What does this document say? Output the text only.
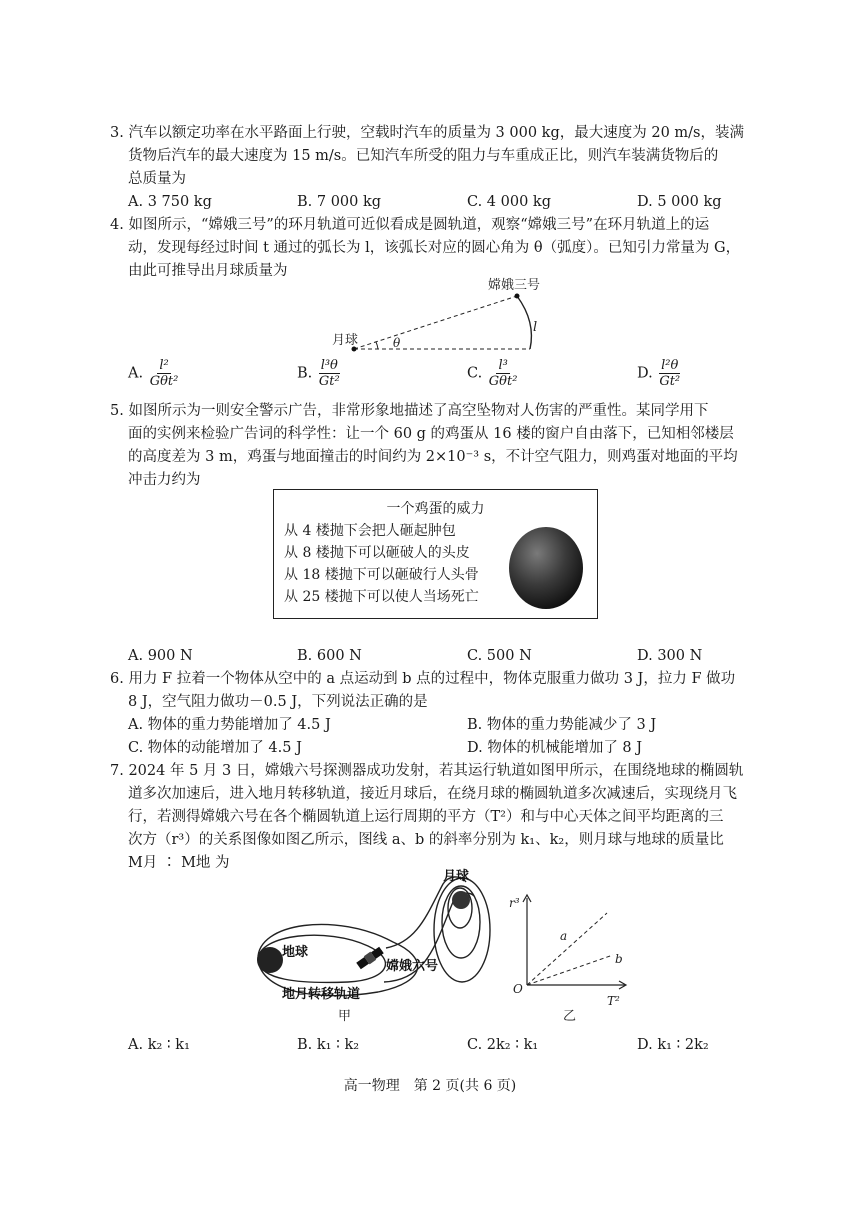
3. 汽车以额定功率在水平路面上行驶，空载时汽车的质量为 3 000 kg，最大速度为 20 m/s，装满
货物后汽车的最大速度为 15 m/s。已知汽车所受的阻力与车重成正比，则汽车装满货物后的
总质量为
A. 3 750 kg	B. 7 000 kg	C. 4 000 kg	D. 5 000 kg
4. 如图所示，“嫦娥三号”的环月轨道可近似看成是圆轨道，观察“嫦娥三号”在环月轨道上的运
动，发现每经过时间 t 通过的弧长为 l，该弧长对应的圆心角为 θ（弧度）。已知引力常量为 G，
由此可推导出月球质量为
嫦娥三号
月球
l
θ
A. $\frac{\text{l²}}{\text{Gθt²}}$	B. $\frac{\text{l³θ}}{\text{Gt²}}$	C. $\frac{\text{l³}}{\text{Gθt²}}$	D. $\frac{\text{l²θ}}{\text{Gt²}}$
5. 如图所示为一则安全警示广告，非常形象地描述了高空坠物对人伤害的严重性。某同学用下
面的实例来检验广告词的科学性：让一个 60 g 的鸡蛋从 16 楼的窗户自由落下，已知相邻楼层
的高度差为 3 m，鸡蛋与地面撞击的时间约为 2×10⁻³ s，不计空气阻力，则鸡蛋对地面的平均
冲击力约为
一个鸡蛋的威力
从 4 楼抛下会把人砸起肿包
从 8 楼抛下可以砸破人的头皮
从 18 楼抛下可以砸破行人头骨
从 25 楼抛下可以使人当场死亡
A. 900 N	B. 600 N	C. 500 N	D. 300 N
6. 用力 F 拉着一个物体从空中的 a 点运动到 b 点的过程中，物体克服重力做功 3 J，拉力 F 做功
8 J，空气阻力做功－0.5 J，下列说法正确的是
A. 物体的重力势能增加了 4.5 J	B. 物体的重力势能减少了 3 J
C. 物体的动能增加了 4.5 J	D. 物体的机械能增加了 8 J
7. 2024 年 5 月 3 日，嫦娥六号探测器成功发射，若其运行轨道如图甲所示，在围绕地球的椭圆轨
道多次加速后，进入地月转移轨道，接近月球后，在绕月球的椭圆轨道多次减速后，实现绕月飞
行，若测得嫦娥六号在各个椭圆轨道上运行周期的平方（T²）和与中心天体之间平均距离的三
次方（r³）的关系图像如图乙所示，图线 a、b 的斜率分别为 k₁、k₂，则月球与地球的质量比
M月 ∶ M地 为
月球
地球
嫦娥六号
地月转移轨道
甲
r³
T²
O
a
b
乙
A. k₂ ∶ k₁	B. k₁ ∶ k₂	C. 2k₂ ∶ k₁	D. k₁ ∶ 2k₂
高一物理　第 2 页(共 6 页)
